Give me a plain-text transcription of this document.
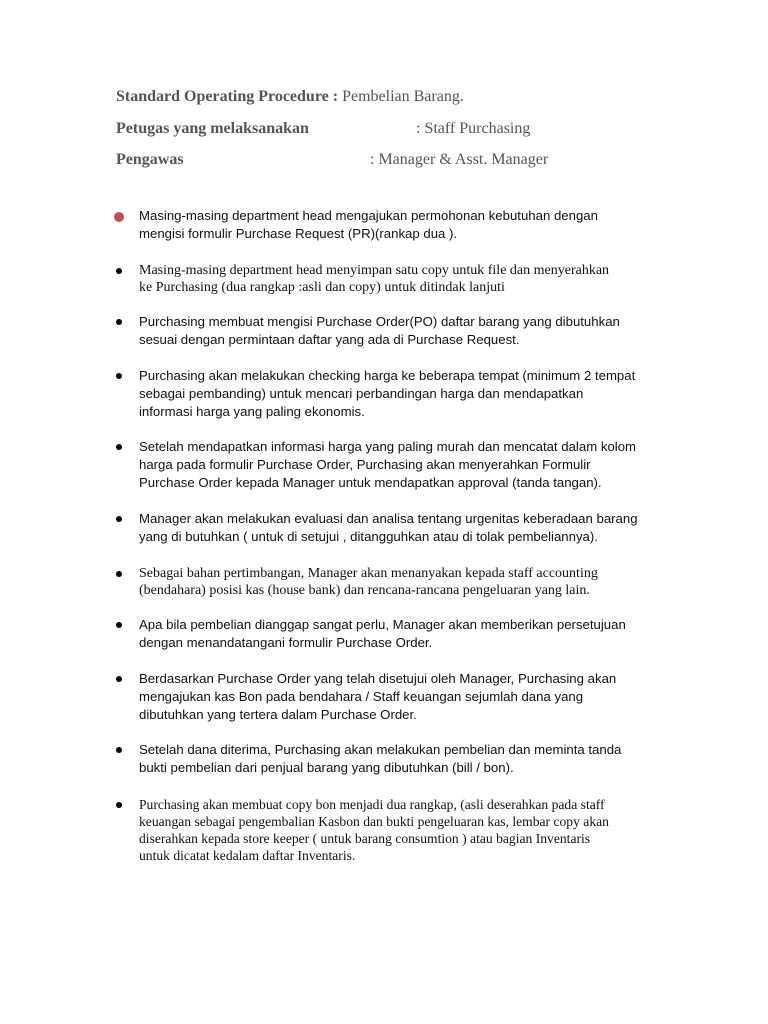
Standard Operating Procedure : Pembelian Barang.
Petugas yang melaksanakan	: Staff Purchasing
Pengawas	: Manager & Asst. Manager
Masing-masing department head mengajukan permohonan kebutuhan dengan
mengisi formulir Purchase Request (PR)(rankap dua ).
Masing-masing department head menyimpan satu copy untuk file dan menyerahkan
ke Purchasing (dua rangkap :asli dan copy) untuk ditindak lanjuti
Purchasing membuat mengisi Purchase Order(PO) daftar barang yang dibutuhkan
sesuai dengan permintaan daftar yang ada di Purchase Request.
Purchasing akan melakukan checking harga ke beberapa tempat (minimum 2 tempat
sebagai pembanding) untuk mencari perbandingan harga dan mendapatkan
informasi harga yang paling ekonomis.
Setelah mendapatkan informasi harga yang paling murah dan mencatat dalam kolom
harga pada formulir Purchase Order, Purchasing akan menyerahkan Formulir
Purchase Order kepada Manager untuk mendapatkan approval (tanda tangan).
Manager akan melakukan evaluasi dan analisa tentang urgenitas keberadaan barang
yang di butuhkan ( untuk di setujui , ditangguhkan atau di tolak pembeliannya).
Sebagai bahan pertimbangan, Manager akan menanyakan kepada staff accounting
(bendahara) posisi kas (house bank) dan rencana-rancana pengeluaran yang lain.
Apa bila pembelian dianggap sangat perlu, Manager akan memberikan persetujuan
dengan menandatangani formulir Purchase Order.
Berdasarkan Purchase Order yang telah disetujui oleh Manager, Purchasing akan
mengajukan kas Bon pada bendahara / Staff keuangan sejumlah dana yang
dibutuhkan yang tertera dalam Purchase Order.
Setelah dana diterima, Purchasing akan melakukan pembelian dan meminta tanda
bukti pembelian dari penjual barang yang dibutuhkan (bill / bon).
Purchasing akan membuat copy bon menjadi dua rangkap, (asli deserahkan pada staff
keuangan sebagai pengembalian Kasbon dan bukti pengeluaran kas, lembar copy akan
diserahkan kepada store keeper ( untuk barang consumtion ) atau bagian Inventaris
untuk dicatat kedalam daftar Inventaris.
